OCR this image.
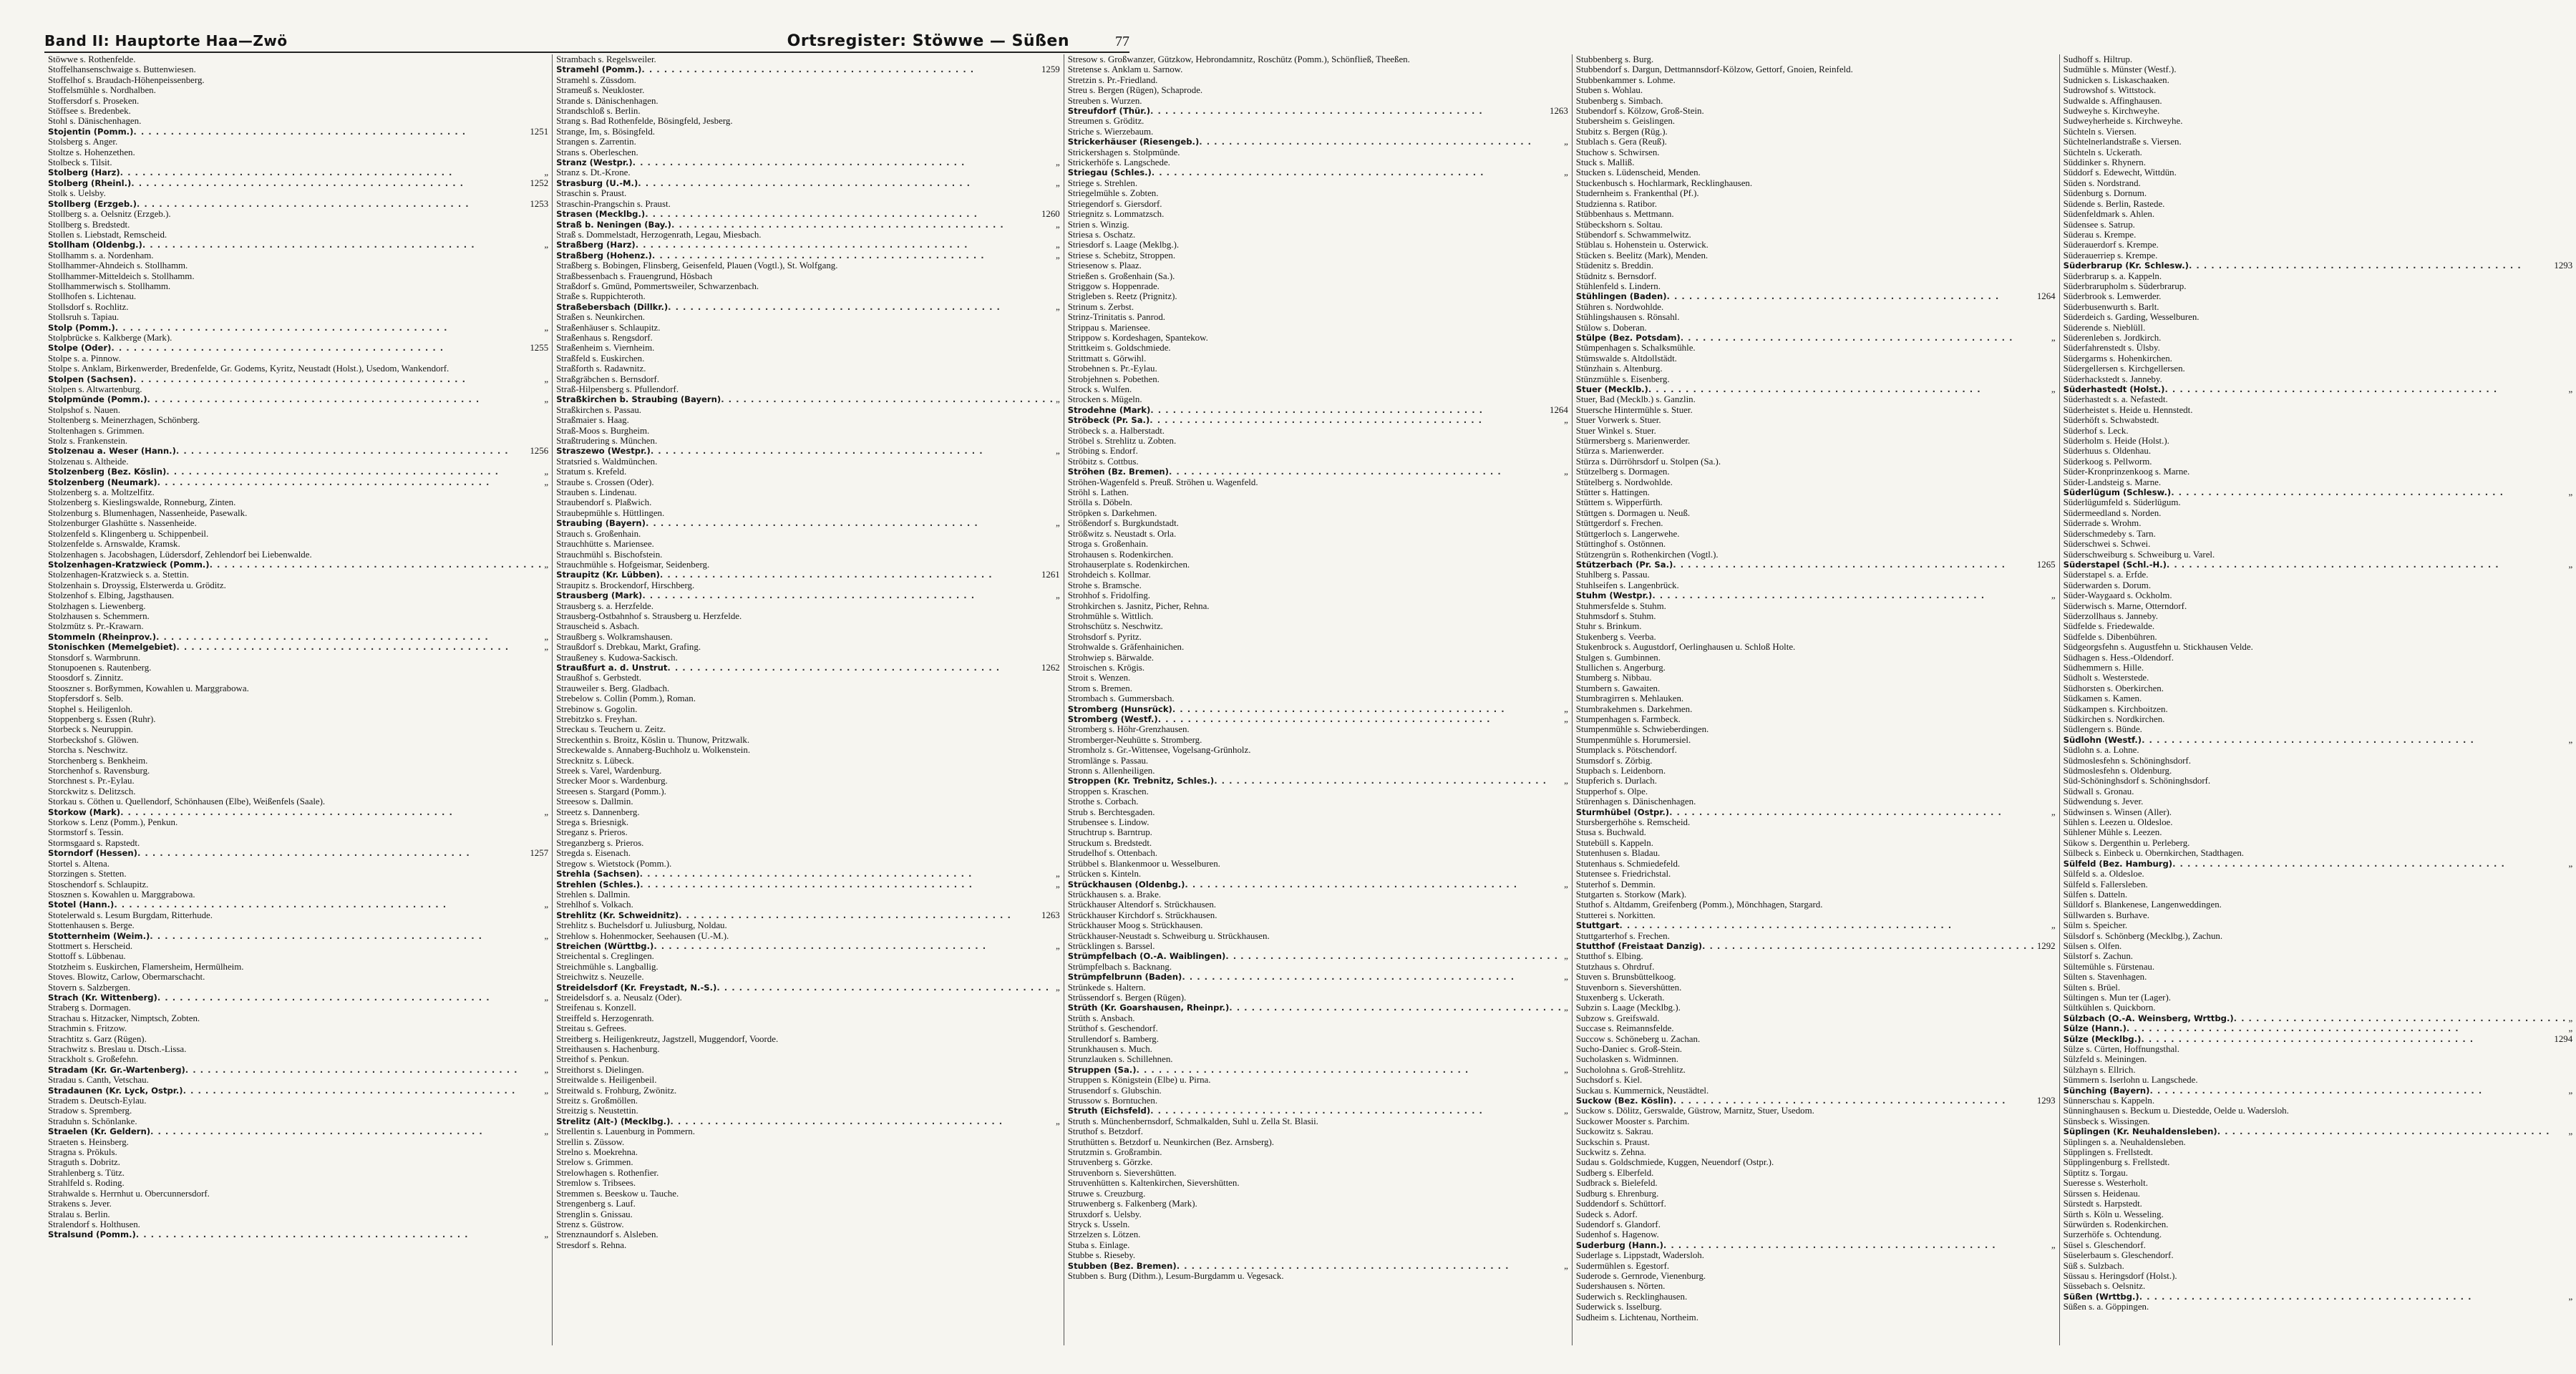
Band II: Hauptorte Haa—Zwö	Ortsregister: Stöwwe — Süßen	77
Stöwwe s. Rothenfelde.
Stoffelhansenschwaige s. Buttenwiesen.
Stoffelhof s. Braudach-Höhenpeissenberg.
Stoffelsmühle s. Nordhalben.
Stoffersdorf s. Proseken.
Stöffsee s. Bredenbek.
Stohl s. Dänischenhagen.
Stojentin (Pomm.) . . .	1251
Stolsberg s. Anger.
Stoltze s. Hohenzethen.
Stolbeck s. Tilsit.
Stolberg (Harz) . . .	„
Stolberg (Rheinl.) . . .	1252
Stolk s. Uelsby.
Stollberg (Erzgeb.) . . .	1253
Stollberg s. a. Oelsnitz (Erzgeb.).
Stollberg s. Bredstedt.
Stollen s. Liebstadt, Remscheid.
Stollham (Oldenbg.) . . .	„
Stollhamm s. a. Nordenham.
Stollhammer-Ahndeich s. Stollhamm.
Stollhammer-Mitteldeich s. Stollhamm.
Stollhammerwisch s. Stollhamm.
Stollhofen s. Lichtenau.
Stollsdorf s. Rochlitz.
Stollsruh s. Tapiau.
Stolp (Pomm.) . . .	„
Stolpbrücke s. Kalkberge (Mark).
Stolpe (Oder) . . .	1255
Stolpe s. a. Pinnow.
Stolpe s. Anklam, Birkenwerder, Bredenfelde, Gr. Godems, Kyritz, Neustadt (Holst.), Usedom, Wankendorf.
Stolpen (Sachsen) . . .	„
Stolpen s. Altwartenburg.
Stolpmünde (Pomm.) . . .	„
Stolpshof s. Nauen.
Stoltenberg s. Meinerzhagen, Schönberg.
Stoltenhagen s. Grimmen.
Stolz s. Frankenstein.
Stolzenau a. Weser (Hann.) . . .	1256
Stolzenau s. Altheide.
Stolzenberg (Bez. Köslin) . . .	„
Stolzenberg (Neumark) . . .	„
Stolzenberg s. a. Moltzelfitz.
Stolzenberg s. Kieslingswalde, Ronneburg, Zinten.
Stolzenburg s. Blumenhagen, Nassenheide, Pasewalk.
Stolzenburger Glashütte s. Nassenheide.
Stolzenfeld s. Klingenberg u. Schippenbeil.
Stolzenfelde s. Arnswalde, Kramsk.
Stolzenhagen s. Jacobshagen, Lüdersdorf, Zehlendorf bei Liebenwalde.
Stolzenhagen-Kratzwieck (Pomm.) . . .	„
Stolzenhagen-Kratzwieck s. a. Stettin.
Stolzenhain s. Droyssig, Elsterwerda u. Gröditz.
Stolzenhof s. Elbing, Jagsthausen.
Stolzhagen s. Liewenberg.
Stolzhausen s. Schemmern.
Stolzmütz s. Pr.-Krawarn.
Stommeln (Rheinprov.) . . .	„
Stonischken (Memelgebiet) . . .	„
Stonsdorf s. Warmbrunn.
Stonupoenen s. Rautenberg.
Stoosdorf s. Zinnitz.
Stooszner s. Borßymmen, Kowahlen u. Marggrabowa.
Stopfersdorf s. Selb.
Stophel s. Heiligenloh.
Stoppenberg s. Essen (Ruhr).
Storbeck s. Neuruppin.
Storbeckshof s. Glöwen.
Storcha s. Neschwitz.
Storchenberg s. Benkheim.
Storchenhof s. Ravensburg.
Storchnest s. Pr.-Eylau.
Storckwitz s. Delitzsch.
Storkau s. Cöthen u. Quellendorf, Schönhausen (Elbe), Weißenfels (Saale).
Storkow (Mark) . . .	„
Storkow s. Lenz (Pomm.), Penkun.
Stormstorf s. Tessin.
Stormsgaard s. Rapstedt.
Storndorf (Hessen) . . .	1257
Stortel s. Altena.
Storzingen s. Stetten.
Stoschendorf s. Schlaupitz.
Stosznen s. Kowahlen u. Marggrabowa.
Stotel (Hann.) . . .	„
Stotelerwald s. Lesum Burgdam, Ritterhude.
Stottenhausen s. Berge.
Stotternheim (Weim.) . . .	„
Stottmert s. Herscheid.
Stottoff s. Lübbenau.
Stotzheim s. Euskirchen, Flamersheim, Hermülheim.
Stoves. Blowitz, Carlow, Obermarschacht.
Stovern s. Salzbergen.
Strach (Kr. Wittenberg) . . .	„
Straberg s. Dormagen.
Strachau s. Hitzacker, Nimptsch, Zobten.
Strachmin s. Fritzow.
Strachtitz s. Garz (Rügen).
Strachwitz s. Breslau u. Dtsch.-Lissa.
Strackholt s. Großefehn.
Stradam (Kr. Gr.-Wartenberg) . . .	„
Stradau s. Canth, Vetschau.
Stradaunen (Kr. Lyck, Ostpr.) . . .	„
Stradem s. Deutsch-Eylau.
Stradow s. Spremberg.
Straduhn s. Schönlanke.
Straelen (Kr. Geldern) . . .	„
Straeten s. Heinsberg.
Stragna s. Prökuls.
Straguth s. Dobritz.
Strahlenberg s. Tütz.
Strahlfeld s. Roding.
Strahwalde s. Herrnhut u. Obercunnersdorf.
Strakens s. Jever.
Stralau s. Berlin.
Stralendorf s. Holthusen.
Stralsund (Pomm.) . . .	„
Strambach s. Regelsweiler.
Stramehl (Pomm.) . . .	1259
Stramehl s. Züssdom.
Strameuß s. Neukloster.
Strande s. Dänischenhagen.
Strandschloß s. Berlin.
Strang s. Bad Rothenfelde, Bösingfeld, Jesberg.
Strange, Im, s. Bösingfeld.
Strangen s. Zarrentin.
Strans s. Oberleschen.
Stranz (Westpr.) . . .	„
Stranz s. Dt.-Krone.
Strasburg (U.-M.) . . .	„
Straschin s. Praust.
Straschin-Prangschin s. Praust.
Strasen (Mecklbg.) . . .	1260
Straß b. Neningen (Bay.) . . .	„
Straß s. Dommelstadt, Herzogenrath, Legau, Miesbach.
Straßberg (Harz) . . .	„
Straßberg (Hohenz.) . . .	„
Straßberg s. Bobingen, Flinsberg, Geisenfeld, Plauen (Vogtl.), St. Wolfgang.
Straßbessenbach s. Frauengrund, Hösbach
Straßdorf s. Gmünd, Pommertsweiler, Schwarzenbach.
Straße s. Ruppichteroth.
Straßebersbach (Dillkr.) . . .	„
Straßen s. Neunkirchen.
Straßenhäuser s. Schlaupitz.
Straßenhaus s. Rengsdorf.
Straßenheim s. Viernheim.
Straßfeld s. Euskirchen.
Straßforth s. Radawnitz.
Straßgräbchen s. Bernsdorf.
Straß-Hilpensberg s. Pfullendorf.
Straßkirchen b. Straubing (Bayern) . . .	„
Straßkirchen s. Passau.
Straßmaier s. Haag.
Straß-Moos s. Burgheim.
Straßtrudering s. München.
Straszewo (Westpr.) . . .	„
Stratsried s. Waldmünchen.
Stratum s. Krefeld.
Straube s. Crossen (Oder).
Strauben s. Lindenau.
Straubendorf s. Plaßwich.
Straubepmühle s. Hüttlingen.
Straubing (Bayern) . . .	„
Strauch s. Großenhain.
Strauchhütte s. Mariensee.
Strauchmühl s. Bischofstein.
Strauchmühle s. Hofgeismar, Seidenberg.
Straupitz (Kr. Lübben) . . .	1261
Straupitz s. Brockendorf, Hirschberg.
Strausberg (Mark) . . .	„
Strausberg s. a. Herzfelde.
Strausberg-Ostbahnhof s. Strausberg u. Herzfelde.
Strauscheid s. Asbach.
Straußberg s. Wolkramshausen.
Straußdorf s. Drebkau, Markt, Grafing.
Straußeney s. Kudowa-Sackisch.
Straußfurt a. d. Unstrut . . .	1262
Straußhof s. Gerbstedt.
Strauweiler s. Berg. Gladbach.
Strebelow s. Collin (Pomm.), Roman.
Strebinow s. Gogolin.
Strebitzko s. Freyhan.
Streckau s. Teuchern u. Zeitz.
Streckenthin s. Broitz, Köslin u. Thunow, Pritzwalk.
Streckewalde s. Annaberg-Buchholz u. Wolkenstein.
Strecknitz s. Lübeck.
Streek s. Varel, Wardenburg.
Strecker Moor s. Wardenburg.
Streesen s. Stargard (Pomm.).
Streesow s. Dallmin.
Streetz s. Dannenberg.
Strega s. Briesnigk.
Streganz s. Prieros.
Streganzberg s. Prieros.
Stregda s. Eisenach.
Stregow s. Wietstock (Pomm.).
Strehla (Sachsen) . . .	„
Strehlen (Schles.) . . .	„
Strehlen s. Dallmin.
Strehlhof s. Volkach.
Strehlitz (Kr. Schweidnitz) . . .	1263
Strehlitz s. Buchelsdorf u. Juliusburg, Noldau.
Strehlow s. Hohenmocker, Seehausen (U.-M.).
Streichen (Württbg.) . . .	„
Streichental s. Creglingen.
Streichmühle s. Langballig.
Streichwitz s. Neuzelle.
Streidelsdorf (Kr. Freystadt, N.-S.) . . .	„
Streidelsdorf s. a. Neusalz (Oder).
Streifenau s. Konzell.
Streiffeld s. Herzogenrath.
Streitau s. Gefrees.
Streitberg s. Heiligenkreutz, Jagstzell, Muggendorf, Voorde.
Streithausen s. Hachenburg.
Streithof s. Penkun.
Streithorst s. Dielingen.
Streitwalde s. Heiligenbeil.
Streitwald s. Frohburg, Zwönitz.
Streitz s. Großmöllen.
Streitzig s. Neustettin.
Strelitz (Alt-) (Mecklbg.) . . .	„
Strellentin s. Lauenburg in Pommern.
Strellin s. Züssow.
Strelno s. Moekrehna.
Strelow s. Grimmen.
Strelowhagen s. Rothenfier.
Stremlow s. Tribsees.
Stremmen s. Beeskow u. Tauche.
Strengenberg s. Lauf.
Strenglin s. Gnissau.
Strenz s. Güstrow.
Strenznaundorf s. Alsleben.
Stresdorf s. Rehna.
Stresow s. Großwanzer, Gützkow, Hebrondamnitz, Roschütz (Pomm.), Schönfließ, Theeßen.
Stretense s. Anklam u. Sarnow.
Stretzin s. Pr.-Friedland.
Streu s. Bergen (Rügen), Schaprode.
Streuben s. Wurzen.
Streufdorf (Thür.) . . .	1263
Streumen s. Gröditz.
Striche s. Wierzebaum.
Strickerhäuser (Riesengeb.) . . .	„
Strickershagen s. Stolpmünde.
Strickerhöfe s. Langschede.
Striegau (Schles.) . . .	„
Striege s. Strehlen.
Striegelmühle s. Zobten.
Striegendorf s. Giersdorf.
Striegnitz s. Lommatzsch.
Strien s. Winzig.
Striesa s. Oschatz.
Striesdorf s. Laage (Meklbg.).
Striese s. Schebitz, Stroppen.
Striesenow s. Plaaz.
Strießen s. Großenhain (Sa.).
Striggow s. Hoppenrade.
Strigleben s. Reetz (Prignitz).
Strinum s. Zerbst.
Strinz-Trinitatis s. Panrod.
Strippau s. Mariensee.
Strippow s. Kordeshagen, Spantekow.
Strittkeim s. Goldschmiede.
Strittmatt s. Görwihl.
Strobehnen s. Pr.-Eylau.
Strobjehnen s. Pobethen.
Strock s. Wulfen.
Strocken s. Mügeln.
Strodehne (Mark) . . .	1264
Ströbeck (Pr. Sa.) . . .	„
Ströbeck s. a. Halberstadt.
Ströbel s. Strehlitz u. Zobten.
Ströbing s. Endorf.
Ströbitz s. Cottbus.
Ströhen (Bz. Bremen) . . .	„
Ströhen-Wagenfeld s. Preuß. Ströhen u. Wagenfeld.
Ströhl s. Lathen.
Strölla s. Döbeln.
Ströpken s. Darkehmen.
Strößendorf s. Burgkundstadt.
Strößwitz s. Neustadt s. Orla.
Stroga s. Großenhain.
Strohausen s. Rodenkirchen.
Strohauserplate s. Rodenkirchen.
Strohdeich s. Kollmar.
Strohe s. Bramsche.
Strohhof s. Fridolfing.
Strohkirchen s. Jasnitz, Picher, Rehna.
Strohmühle s. Wittlich.
Strohschütz s. Neschwitz.
Strohsdorf s. Pyritz.
Strohwalde s. Gräfenhainichen.
Strohwiep s. Bärwalde.
Stroischen s. Krögis.
Stroit s. Wenzen.
Strom s. Bremen.
Strombach s. Gummersbach.
Stromberg (Hunsrück) . . .	„
Stromberg (Westf.) . . .	„
Stromberg s. Höhr-Grenzhausen.
Stromberger-Neuhütte s. Stromberg.
Stromholz s. Gr.-Wittensee, Vogelsang-Grünholz.
Stromlänge s. Passau.
Stronn s. Allenheiligen.
Stroppen (Kr. Trebnitz, Schles.) . . .	„
Stroppen s. Kraschen.
Strothe s. Corbach.
Strub s. Berchtesgaden.
Strubensee s. Lindow.
Struchtrup s. Barntrup.
Struckum s. Bredstedt.
Strudelhof s. Ottenbach.
Strübbel s. Blankenmoor u. Wesselburen.
Strücken s. Kinteln.
Strückhausen (Oldenbg.) . . .	„
Strückhausen s. a. Brake.
Strückhauser Altendorf s. Strückhausen.
Strückhauser Kirchdorf s. Strückhausen.
Strückhauser Moog s. Strückhausen.
Strückhauser-Neustadt s. Schweiburg u. Strückhausen.
Strücklingen s. Barssel.
Strümpfelbach (O.-A. Waiblingen) . . .	„
Strümpfelbach s. Backnang.
Strümpfelbrunn (Baden) . . .	„
Strünkede s. Haltern.
Strüssendorf s. Bergen (Rügen).
Strüth (Kr. Goarshausen, Rheinpr.) . . .	„
Strüth s. Ansbach.
Strüthof s. Geschendorf.
Strullendorf s. Bamberg.
Strunkhausen s. Much.
Strunzlauken s. Schillehnen.
Struppen (Sa.) . . .	„
Struppen s. Königstein (Elbe) u. Pirna.
Strusendorf s. Glubschin.
Strussow s. Borntuchen.
Struth (Eichsfeld) . . .	„
Struth s. Münchenbernsdorf, Schmalkalden, Suhl u. Zella St. Blasii.
Struthof s. Betzdorf.
Struthütten s. Betzdorf u. Neunkirchen (Bez. Arnsberg).
Strutzmin s. Großrambin.
Struvenberg s. Görzke.
Struvenborn s. Sievershütten.
Struvenhütten s. Kaltenkirchen, Sievershütten.
Struwe s. Creuzburg.
Struwenberg s. Falkenberg (Mark).
Struxdorf s. Uelsby.
Stryck s. Usseln.
Strzelzen s. Lötzen.
Stuba s. Einlage.
Stubbe s. Rieseby.
Stubben (Bez. Bremen) . . .	„
Stubben s. Burg (Dithm.), Lesum-Burgdamm u. Vegesack.
Stubbenberg s. Burg.
Stubbendorf s. Dargun, Dettmannsdorf-Kölzow, Gettorf, Gnoien, Reinfeld.
Stubbenkammer s. Lohme.
Stuben s. Wohlau.
Stubenberg s. Simbach.
Stubendorf s. Kölzow, Groß-Stein.
Stubersheim s. Geislingen.
Stubitz s. Bergen (Rüg.).
Stublach s. Gera (Reuß).
Stuchow s. Schwirsen.
Stuck s. Malliß.
Stucken s. Lüdenscheid, Menden.
Stuckenbusch s. Hochlarmark, Recklinghausen.
Studernheim s. Frankenthal (Pf.).
Studzienna s. Ratibor.
Stübbenhaus s. Mettmann.
Stübeckshorn s. Soltau.
Stübendorf s. Schwammelwitz.
Stüblau s. Hohenstein u. Osterwick.
Stücken s. Beelitz (Mark), Menden.
Stüdenitz s. Breddin.
Stüdnitz s. Bernsdorf.
Stühlenfeld s. Lindern.
Stühlingen (Baden) . . .	1264
Stühren s. Nordwohlde.
Stühlingshausen s. Rönsahl.
Stülow s. Doberan.
Stülpe (Bez. Potsdam) . . .	„
Stümpenhagen s. Schalksmühle.
Stümswalde s. Altdollstädt.
Stünzhain s. Altenburg.
Stünzmühle s. Eisenberg.
Stuer (Mecklb.) . . .	„
Stuer, Bad (Mecklb.) s. Ganzlin.
Stuersche Hintermühle s. Stuer.
Stuer Vorwerk s. Stuer.
Stuer Winkel s. Stuer.
Stürmersberg s. Marienwerder.
Stürza s. Marienwerder.
Stürza s. Dürröhrsdorf u. Stolpen (Sa.).
Stützelberg s. Dormagen.
Stütelberg s. Nordwohlde.
Stütter s. Hattingen.
Stüttem s. Wipperfürth.
Stüttgen s. Dormagen u. Neuß.
Stüttgerdorf s. Frechen.
Stüttgerloch s. Langerwehe.
Stüttinghof s. Ostönnen.
Stützengrün s. Rothenkirchen (Vogtl.).
Stützerbach (Pr. Sa.) . . .	1265
Stuhlberg s. Passau.
Stuhlseifen s. Langenbrück.
Stuhm (Westpr.) . . .	„
Stuhmersfelde s. Stuhm.
Stuhmsdorf s. Stuhm.
Stuhr s. Brinkum.
Stukenberg s. Veerba.
Stukenbrock s. Augustdorf, Oerlinghausen u. Schloß Holte.
Stulgen s. Gumbinnen.
Stullichen s. Angerburg.
Stumberg s. Nibbau.
Stumbern s. Gawaiten.
Stumbragirren s. Mehlauken.
Stumbrakehmen s. Darkehmen.
Stumpenhagen s. Farmbeck.
Stumpenmühle s. Schwieberdingen.
Stumpenmühle s. Horumersiel.
Stumplack s. Pötschendorf.
Stumsdorf s. Zörbig.
Stupbach s. Leidenborn.
Stupferich s. Durlach.
Stupperhof s. Olpe.
Stürenhagen s. Dänischenhagen.
Sturmhübel (Ostpr.) . . .	„
Stursbergerhöhe s. Remscheid.
Stusa s. Buchwald.
Stutebüll s. Kappeln.
Stutenhusen s. Bladau.
Stutenhaus s. Schmiedefeld.
Stutensee s. Friedrichstal.
Stuterhof s. Demmin.
Stutgarten s. Storkow (Mark).
Stuthof s. Altdamm, Greifenberg (Pomm.), Mönchhagen, Stargard.
Stutterei s. Norkitten.
Stuttgart . . .	„
Stuttgarterhof s. Frechen.
Stutthof (Freistaat Danzig) . . .	1292
Stutthof s. Elbing.
Stutzhaus s. Ohrdruf.
Stuven s. Brunsbüttelkoog.
Stuvenborn s. Sievershütten.
Stuxenberg s. Uckerath.
Subzin s. Laage (Mecklbg.).
Subzow s. Greifswald.
Succase s. Reimannsfelde.
Succow s. Schöneberg u. Zachan.
Sucho-Daniec s. Groß-Stein.
Sucholasken s. Widminnen.
Sucholohna s. Groß-Strehlitz.
Suchsdorf s. Kiel.
Suckau s. Kummernick, Neustädtel.
Suckow (Bez. Köslin) . . .	1293
Suckow s. Dölitz, Gerswalde, Güstrow, Marnitz, Stuer, Usedom.
Suckower Mooster s. Parchim.
Suckowitz s. Sakrau.
Suckschin s. Praust.
Suckwitz s. Zehna.
Sudau s. Goldschmiede, Kuggen, Neuendorf (Ostpr.).
Sudberg s. Elberfeld.
Sudbrack s. Bielefeld.
Sudburg s. Ehrenburg.
Suddendorf s. Schüttorf.
Sudeck s. Adorf.
Sudendorf s. Glandorf.
Sudenhof s. Hagenow.
Suderburg (Hann.) . . .	„
Suderlage s. Lippstadt, Wadersloh.
Sudermühlen s. Egestorf.
Suderode s. Gernrode, Vienenburg.
Sudershausen s. Nörten.
Suderwich s. Recklinghausen.
Suderwick s. Isselburg.
Sudheim s. Lichtenau, Northeim.
Sudhoff s. Hiltrup.
Sudmühle s. Münster (Westf.).
Sudnicken s. Liskaschaaken.
Sudrowshof s. Wittstock.
Sudwalde s. Affinghausen.
Sudweyhe s. Kirchweyhe.
Sudweyherheide s. Kirchweyhe.
Süchteln s. Viersen.
Süchtelnerlandstraße s. Viersen.
Süchteln s. Uckerath.
Süddinker s. Rhynern.
Süddorf s. Edewecht, Wittdün.
Süden s. Nordstrand.
Südenburg s. Dornum.
Südende s. Berlin, Rastede.
Südenfeldmark s. Ahlen.
Südensee s. Satrup.
Süderau s. Krempe.
Süderauerdorf s. Krempe.
Süderauerriep s. Krempe.
Süderbrarup (Kr. Schlesw.) . . .	1293
Süderbrarup s. a. Kappeln.
Süderbrarupholm s. Süderbrarup.
Süderbrook s. Lemwerder.
Süderbusenwurth s. Barlt.
Süderdeich s. Garding, Wesselburen.
Süderende s. Nieblüll.
Süderenleben s. Jordkirch.
Süderfahrenstedt s. Ülsby.
Südergarms s. Hohenkirchen.
Südergellersen s. Kirchgellersen.
Süderhackstedt s. Janneby.
Süderhastedt (Holst.) . . .	„
Süderhastedt s. a. Nefastedt.
Süderheistet s. Heide u. Hennstedt.
Süderhöft s. Schwabstedt.
Süderhof s. Leck.
Süderholm s. Heide (Holst.).
Süderhuus s. Oldenhau.
Süderkoog s. Pellworm.
Süder-Kronprinzenkoog s. Marne.
Süder-Landsteig s. Marne.
Süderlügum (Schlesw.) . . .	„
Süderlügumfeld s. Süderlügum.
Südermeedland s. Norden.
Süderrade s. Wrohm.
Süderschmedeby s. Tarn.
Süderschwei s. Schwei.
Süderschweiburg s. Schweiburg u. Varel.
Süderstapel (Schl.-H.) . . .	„
Süderstapel s. a. Erfde.
Süderwarden s. Dorum.
Süder-Waygaard s. Ockholm.
Süderwisch s. Marne, Otterndorf.
Süderzollhaus s. Janneby.
Südfelde s. Friedewalde.
Südfelde s. Dibenbühren.
Südgeorgsfehn s. Augustfehn u. Stickhausen Velde.
Südhagen s. Hess.-Oldendorf.
Südhemmern s. Hille.
Südholt s. Westerstede.
Südhorsten s. Oberkirchen.
Südkamen s. Kamen.
Südkampen s. Kirchboitzen.
Südkirchen s. Nordkirchen.
Südlengern s. Bünde.
Südlohn (Westf.) . . .	„
Südlohn s. a. Lohne.
Südmoslesfehn s. Schöninghsdorf.
Südmoslesfehn s. Oldenburg.
Süd-Schöninghsdorf s. Schöninghsdorf.
Südwall s. Gronau.
Südwendung s. Jever.
Südwinsen s. Winsen (Aller).
Sühlen s. Leezen u. Oldesloe.
Sühlener Mühle s. Leezen.
Sükow s. Dergenthin u. Perleberg.
Sülbeck s. Einbeck u. Obernkirchen, Stadthagen.
Sülfeld (Bez. Hamburg) . . .	„
Sülfeld s. a. Oldesloe.
Sülfeld s. Fallersleben.
Sülfen s. Datteln.
Sülldorf s. Blankenese, Langenweddingen.
Süllwarden s. Burhave.
Sülm s. Speicher.
Sülsdorf s. Schönberg (Mecklbg.), Zachun.
Sülsen s. Olfen.
Sülstorf s. Zachun.
Sültemühle s. Fürstenau.
Sülten s. Stavenhagen.
Sülten s. Brüel.
Sültingen s. Mun ter (Lager).
Sültkühlen s. Quickborn.
Sülzbach (O.-A. Weinsberg, Wrttbg.) . . .	„
Sülze (Hann.) . . .	„
Sülze (Mecklbg.) . . .	1294
Sülze s. Cürten, Hoffnungsthal.
Sülzfeld s. Meiningen.
Sülzhayn s. Ellrich.
Sümmern s. Iserlohn u. Langschede.
Sünching (Bayern) . . .	„
Sünnerschau s. Kappeln.
Sünninghausen s. Beckum u. Diestedde, Oelde u. Wadersloh.
Sünsbeck s. Wissingen.
Süplingen (Kr. Neuhaldensleben) . . .	„
Süplingen s. a. Neuhaldensleben.
Süpplingen s. Frellstedt.
Süpplingenburg s. Frellstedt.
Süptitz s. Torgau.
Sueresse s. Westerholt.
Sürssen s. Heidenau.
Sürstedt s. Harpstedt.
Sürth s. Köln u. Wesseling.
Sürwürden s. Rodenkirchen.
Surzerhöfe s. Ochtendung.
Süsel s. Gleschendorf.
Süselerbaum s. Gleschendorf.
Süß s. Sulzbach.
Süssau s. Heringsdorf (Holst.).
Süssebach s. Oelsnitz.
Süßen (Wrttbg.) . . .	„
Süßen s. a. Göppingen.
